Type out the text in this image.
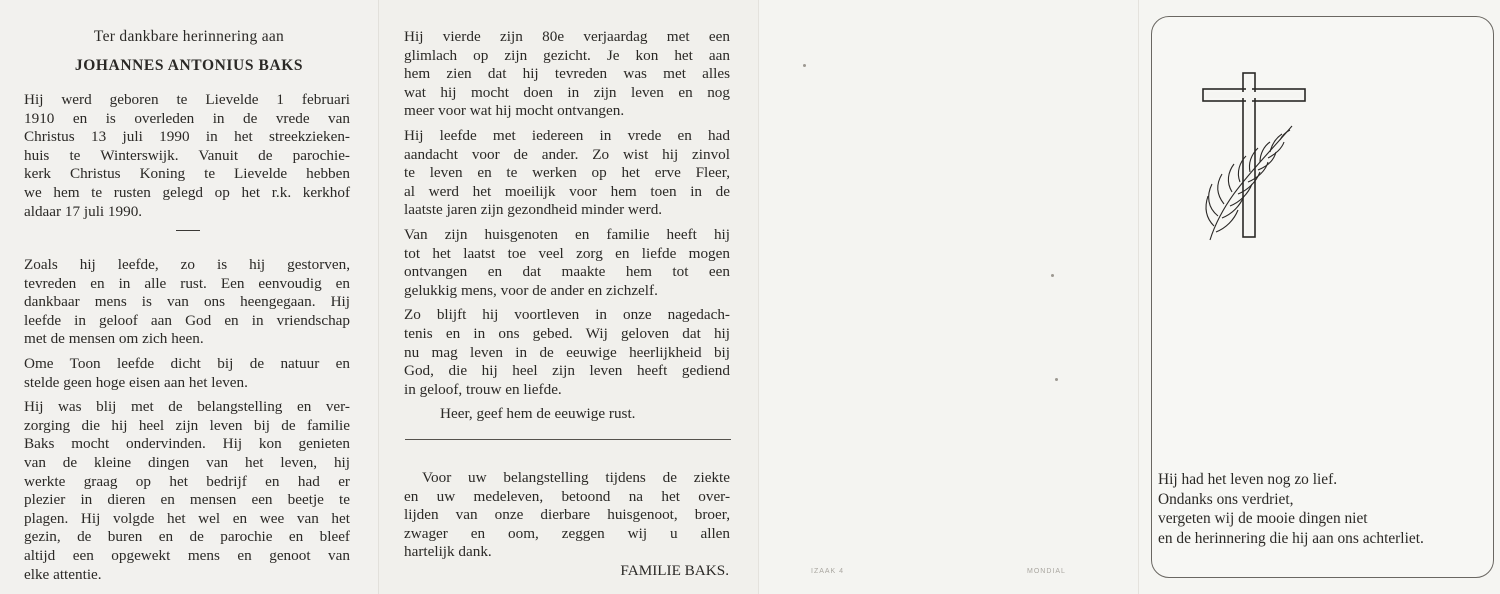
Ter dankbare herinnering aan
JOHANNES ANTONIUS BAKS
Hij werd geboren te Lievelde 1 februari
1910 en is overleden in de vrede van
Christus 13 juli 1990 in het streekzieken-
huis te Winterswijk. Vanuit de parochie-
kerk Christus Koning te Lievelde hebben
we hem te rusten gelegd op het r.k. kerkhof
aldaar 17 juli 1990.
Zoals hij leefde, zo is hij gestorven,
tevreden en in alle rust. Een eenvoudig en
dankbaar mens is van ons heengegaan. Hij
leefde in geloof aan God en in vriendschap
met de mensen om zich heen.
Ome Toon leefde dicht bij de natuur en
stelde geen hoge eisen aan het leven.
Hij was blij met de belangstelling en ver-
zorging die hij heel zijn leven bij de familie
Baks mocht ondervinden. Hij kon genieten
van de kleine dingen van het leven, hij
werkte graag op het bedrijf en had er
plezier in dieren en mensen een beetje te
plagen. Hij volgde het wel en wee van het
gezin, de buren en de parochie en bleef
altijd een opgewekt mens en genoot van
elke attentie.
Hij vierde zijn 80e verjaardag met een
glimlach op zijn gezicht. Je kon het aan
hem zien dat hij tevreden was met alles
wat hij mocht doen in zijn leven en nog
meer voor wat hij mocht ontvangen.
Hij leefde met iedereen in vrede en had
aandacht voor de ander. Zo wist hij zinvol
te leven en te werken op het erve Fleer,
al werd het moeilijk voor hem toen in de
laatste jaren zijn gezondheid minder werd.
Van zijn huisgenoten en familie heeft hij
tot het laatst toe veel zorg en liefde mogen
ontvangen en dat maakte hem tot een
gelukkig mens, voor de ander en zichzelf.
Zo blijft hij voortleven in onze nagedach-
tenis en in ons gebed. Wij geloven dat hij
nu mag leven in de eeuwige heerlijkheid bij
God, die hij heel zijn leven heeft gediend
in geloof, trouw en liefde.
Heer, geef hem de eeuwige rust.
Voor uw belangstelling tijdens de ziekte
en uw medeleven, betoond na het over-
lijden van onze dierbare huisgenoot, broer,
zwager en oom, zeggen wij u allen
hartelijk dank.
FAMILIE BAKS.	IZAAK 4	MONDIAL
Hij had het leven nog zo lief.
Ondanks ons verdriet,
vergeten wij de mooie dingen niet
en de herinnering die hij aan ons achterliet.
